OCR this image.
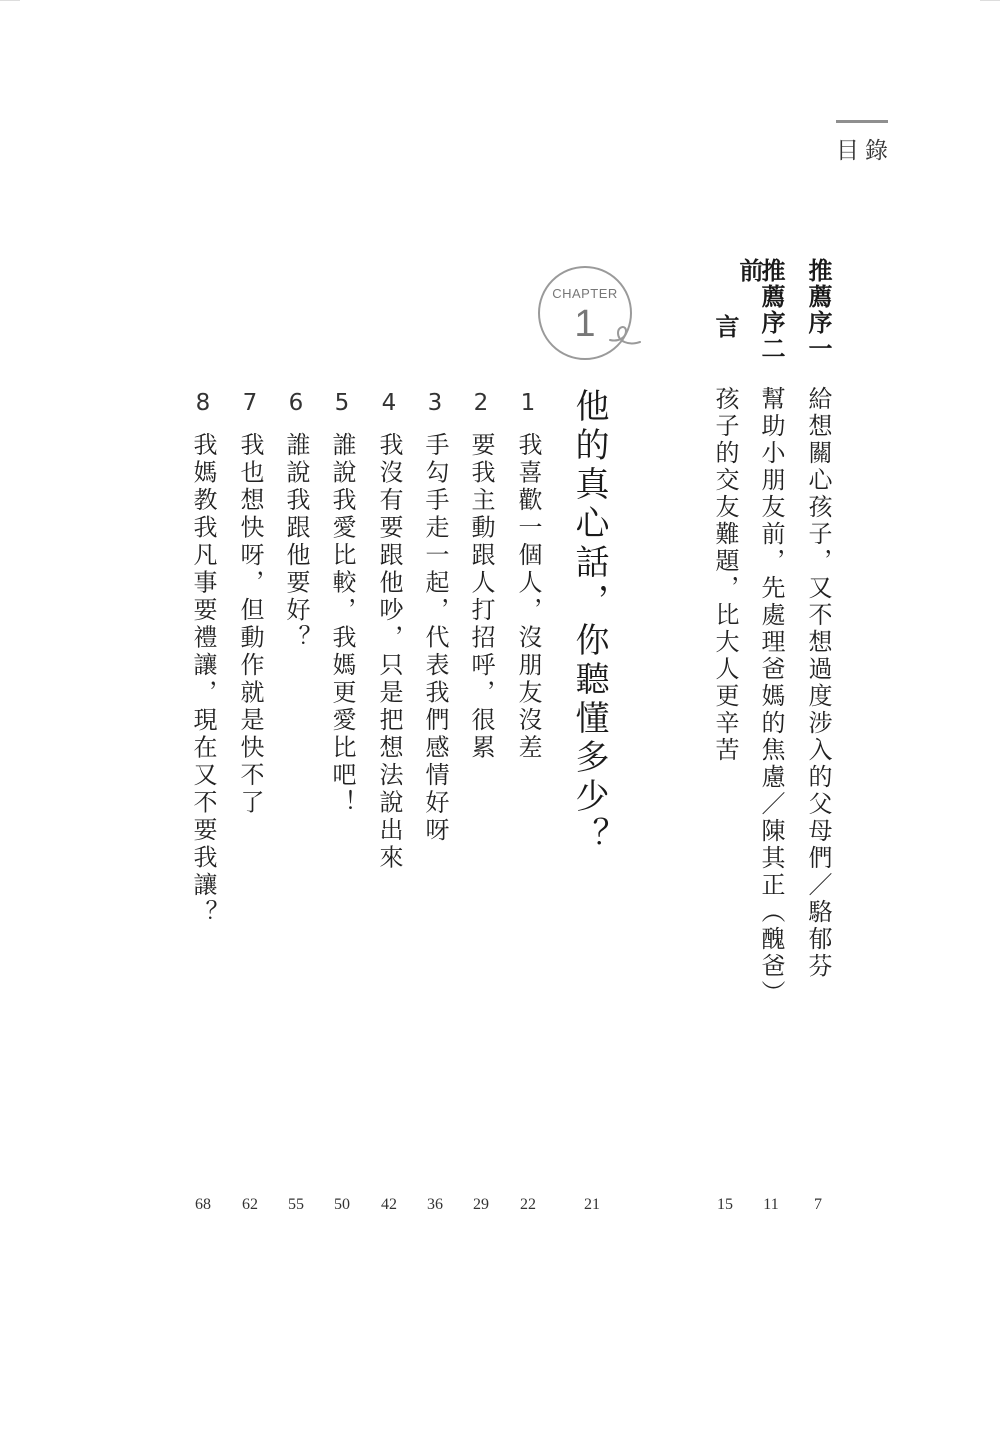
目錄
推薦序一
給想關心孩子，又不想過度涉入的父母們／駱郁芬
7
推薦序二
幫助小朋友前，先處理爸媽的焦慮／陳其正（醜爸）
11
前
言
孩子的交友難題，比大人更辛苦
15
CHAPTER
1
他的真心話，你聽懂多少？
21
1
我喜歡一個人，沒朋友沒差
22
2
要我主動跟人打招呼，很累
29
3
手勾手走一起，代表我們感情好呀
36
4
我沒有要跟他吵，只是把想法說出來
42
5
誰說我愛比較，我媽更愛比吧！
50
6
誰說我跟他要好？
55
7
我也想快呀，但動作就是快不了
62
8
我媽教我凡事要禮讓，現在又不要我讓？
68
